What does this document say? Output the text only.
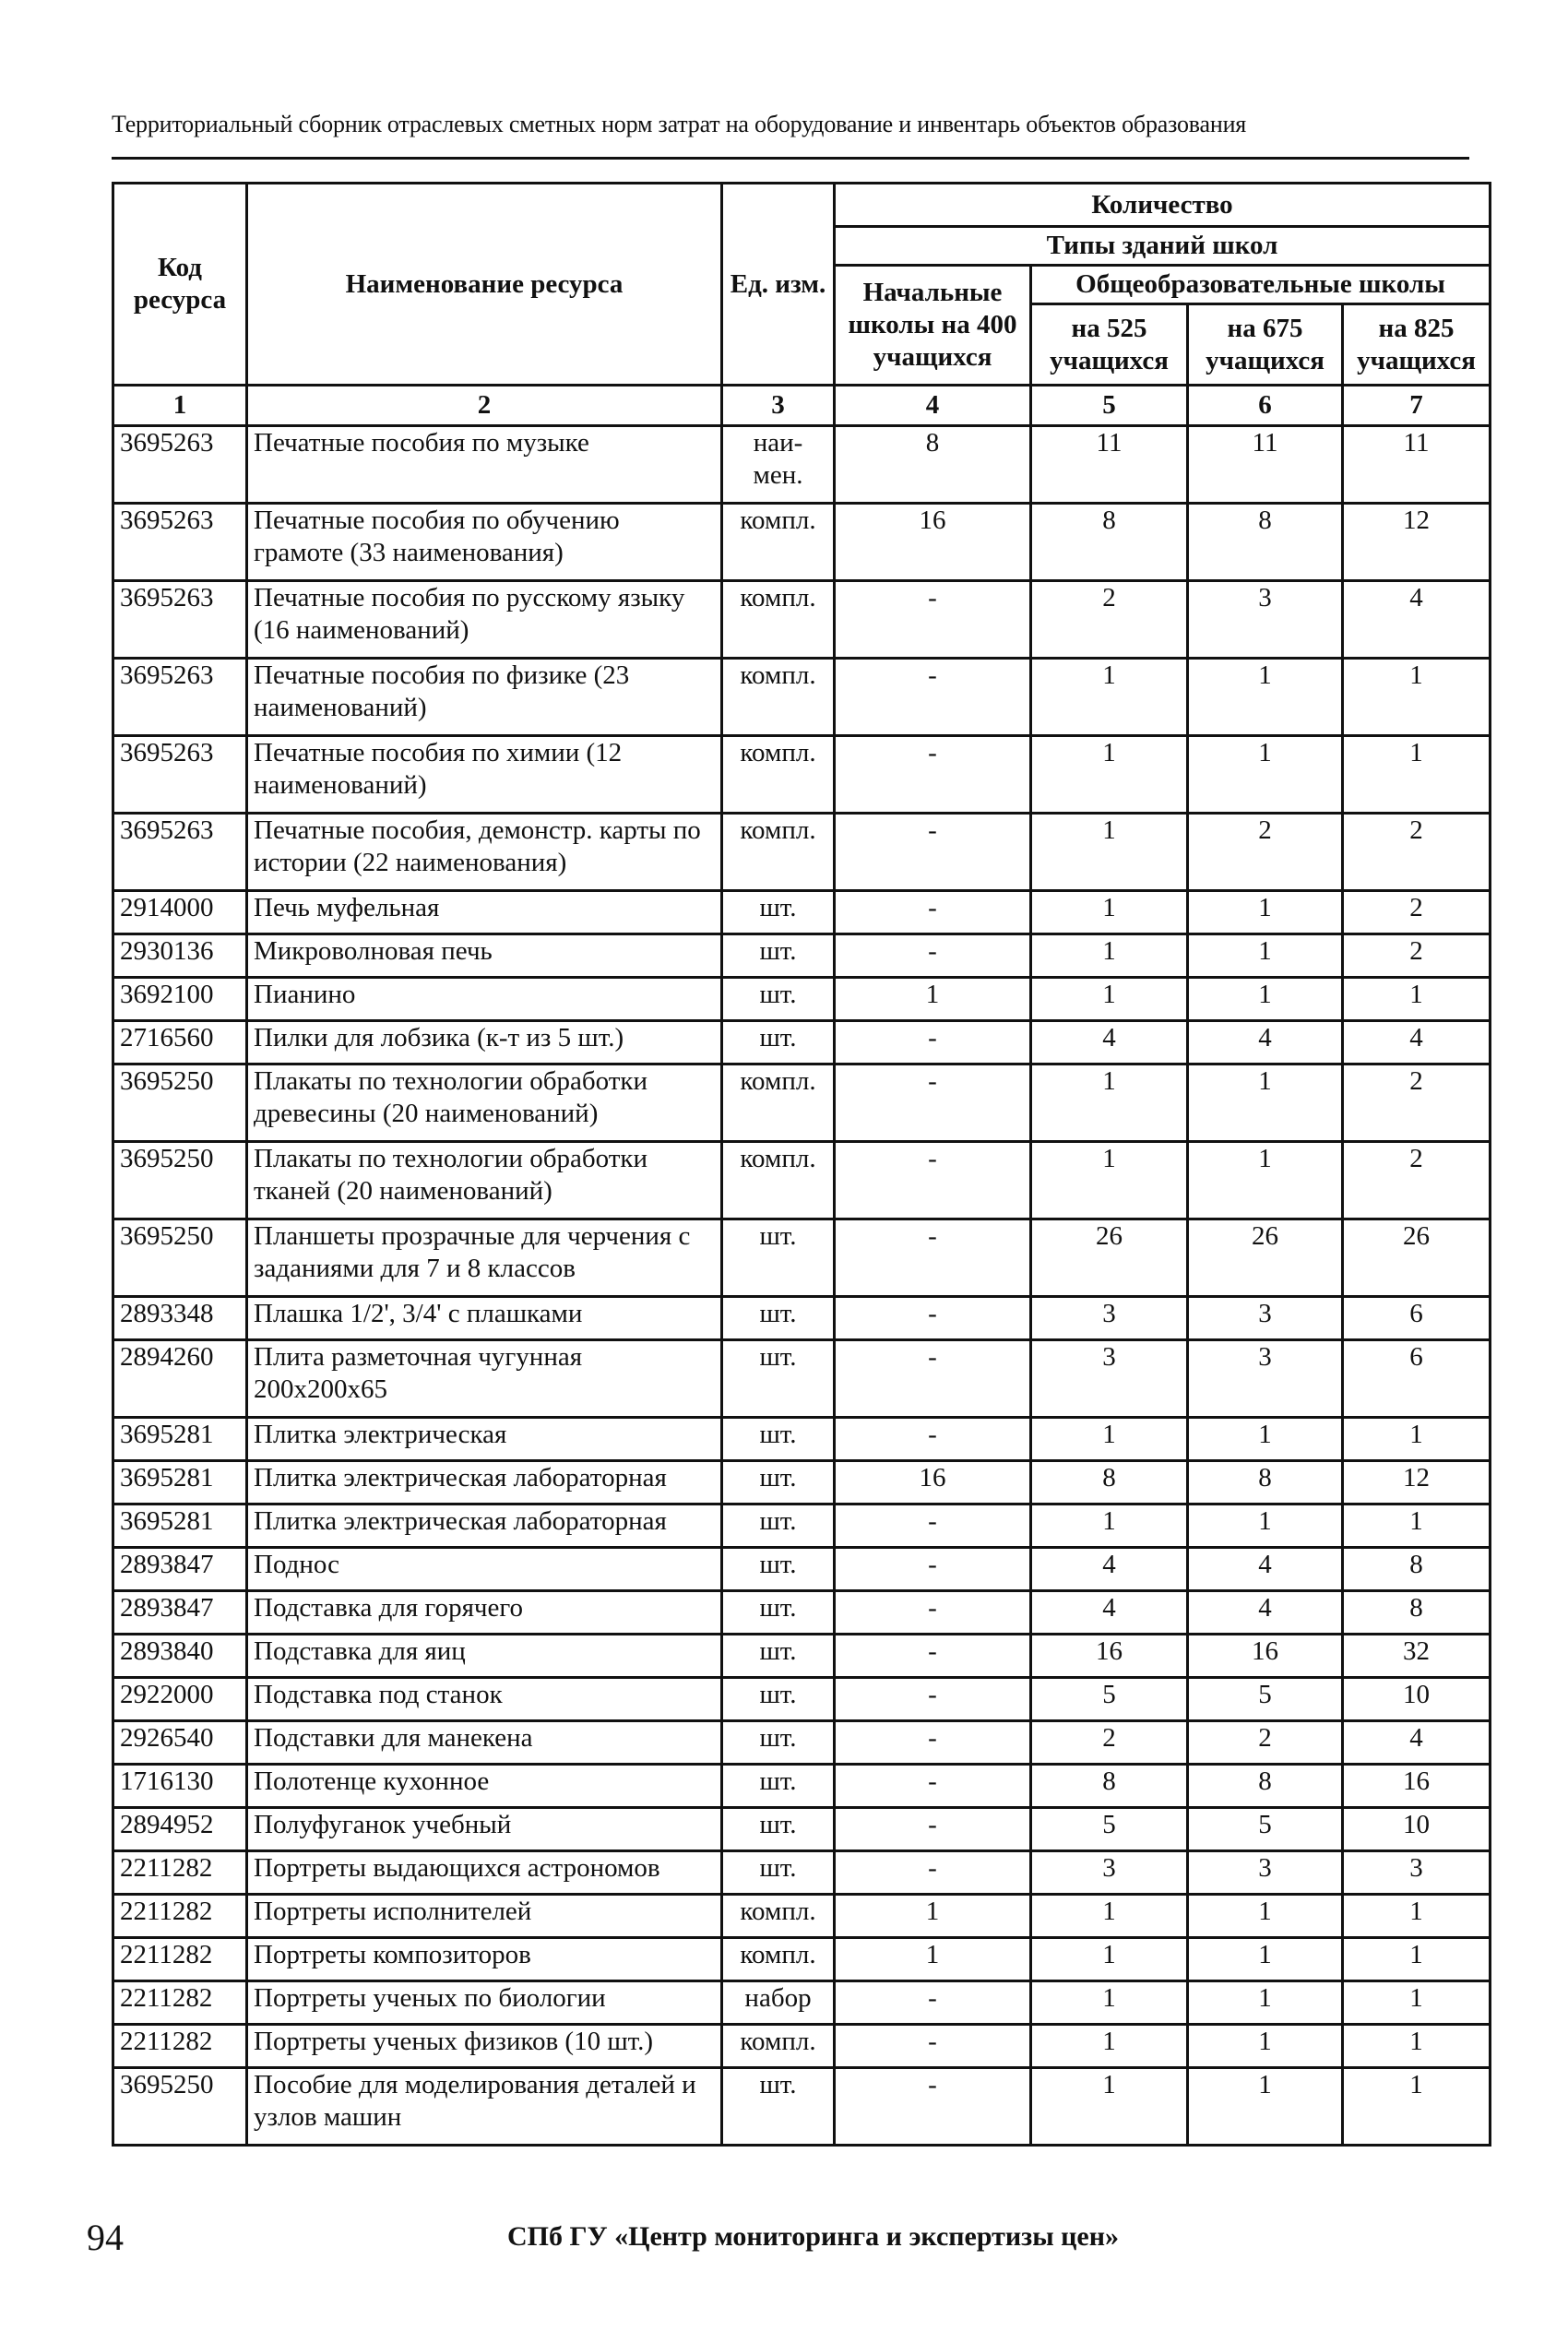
Территориальный сборник отраслевых сметных норм затрат на оборудование и инвентарь объектов образования
Код ресурса	Наименование ресурса	Ед. изм.	Количество			
			Типы зданий школ			
			Начальные школы на 400 учащихся	Общеобразовательные школы		
				на 525 учащихся	на 675 учащихся	на 825 учащихся
1	2	3	4	5	6	7
3695263	Печатные пособия по музыке	наи-мен.	8	11	11	11
3695263	Печатные пособия по обучению грамоте (33 наименования)	компл.	16	8	8	12
3695263	Печатные пособия по русскому языку (16 наименований)	компл.	-	2	3	4
3695263	Печатные пособия по физике (23 наименований)	компл.	-	1	1	1
3695263	Печатные пособия по химии (12 наименований)	компл.	-	1	1	1
3695263	Печатные пособия, демонстр. карты по истории (22 наименования)	компл.	-	1	2	2
2914000	Печь муфельная	шт.	-	1	1	2
2930136	Микроволновая печь	шт.	-	1	1	2
3692100	Пианино	шт.	1	1	1	1
2716560	Пилки для лобзика (к-т из 5 шт.)	шт.	-	4	4	4
3695250	Плакаты по технологии обработки древесины (20 наименований)	компл.	-	1	1	2
3695250	Плакаты по технологии обработки тканей (20 наименований)	компл.	-	1	1	2
3695250	Планшеты прозрачные для черчения с заданиями для 7 и 8 классов	шт.	-	26	26	26
2893348	Плашка 1/2', 3/4' с плашками	шт.	-	3	3	6
2894260	Плита разметочная чугунная 200х200х65	шт.	-	3	3	6
3695281	Плитка электрическая	шт.	-	1	1	1
3695281	Плитка электрическая лабораторная	шт.	16	8	8	12
3695281	Плитка электрическая лабораторная	шт.	-	1	1	1
2893847	Поднос	шт.	-	4	4	8
2893847	Подставка для горячего	шт.	-	4	4	8
2893840	Подставка для яиц	шт.	-	16	16	32
2922000	Подставка под станок	шт.	-	5	5	10
2926540	Подставки для манекена	шт.	-	2	2	4
1716130	Полотенце кухонное	шт.	-	8	8	16
2894952	Полуфуганок учебный	шт.	-	5	5	10
2211282	Портреты выдающихся астрономов	шт.	-	3	3	3
2211282	Портреты исполнителей	компл.	1	1	1	1
2211282	Портреты композиторов	компл.	1	1	1	1
2211282	Портреты ученых по биологии	набор	-	1	1	1
2211282	Портреты ученых физиков (10 шт.)	компл.	-	1	1	1
3695250	Пособие для моделирования деталей и узлов машин	шт.	-	1	1	1
94	СПб ГУ «Центр мониторинга и экспертизы цен»
